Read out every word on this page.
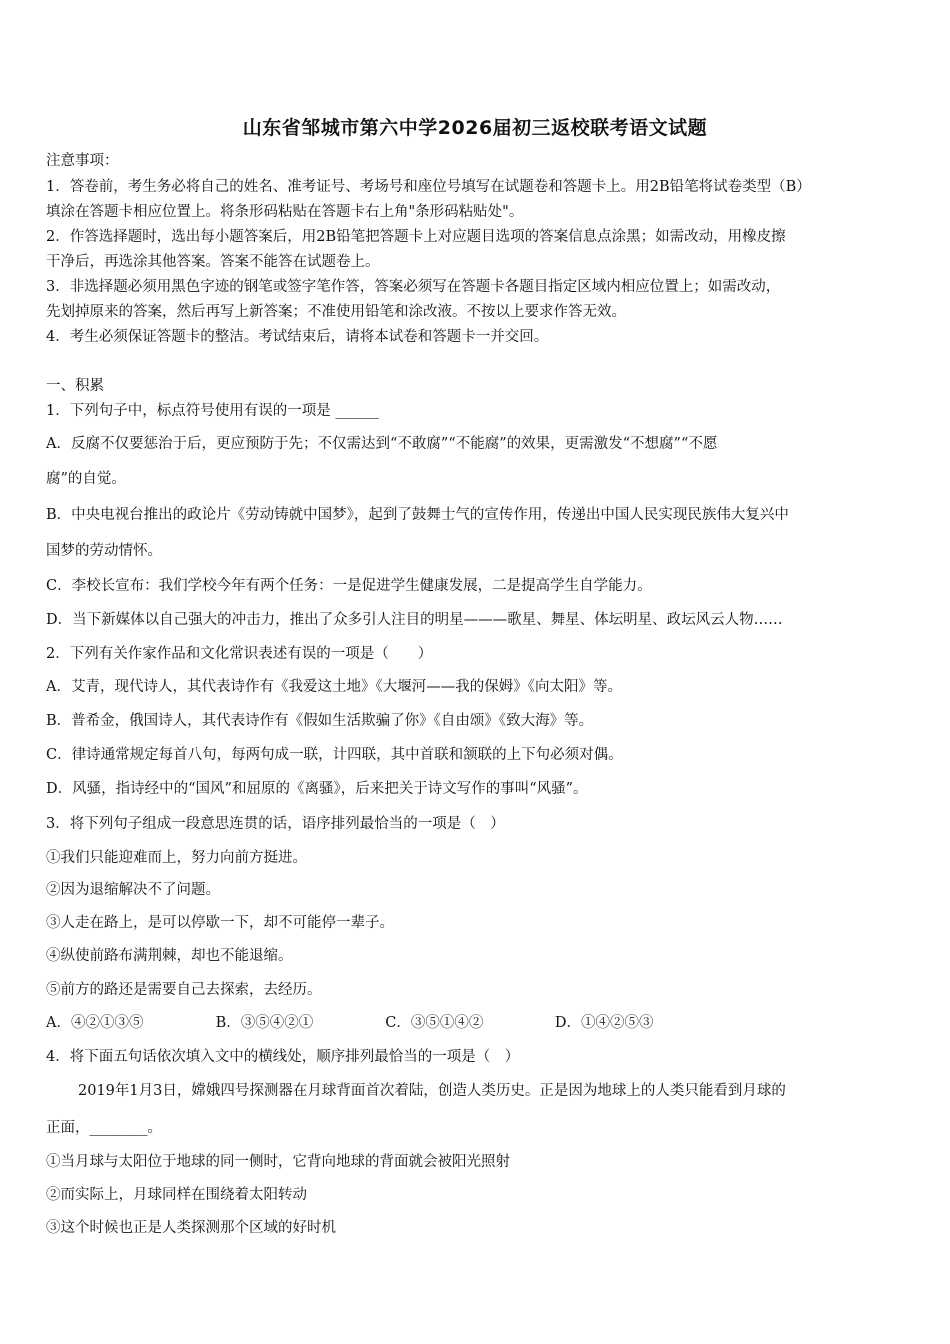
山东省邹城市第六中学2026届初三返校联考语文试题
注意事项：
1．答卷前，考生务必将自己的姓名、准考证号、考场号和座位号填写在试题卷和答题卡上。用2B铅笔将试卷类型（B）
填涂在答题卡相应位置上。将条形码粘贴在答题卡右上角"条形码粘贴处"。
2．作答选择题时，选出每小题答案后，用2B铅笔把答题卡上对应题目选项的答案信息点涂黑；如需改动，用橡皮擦
干净后，再选涂其他答案。答案不能答在试题卷上。
3．非选择题必须用黑色字迹的钢笔或签字笔作答，答案必须写在答题卡各题目指定区域内相应位置上；如需改动，
先划掉原来的答案，然后再写上新答案；不准使用铅笔和涂改液。不按以上要求作答无效。
4．考生必须保证答题卡的整洁。考试结束后，请将本试卷和答题卡一并交回。
一、积累
1．下列句子中，标点符号使用有误的一项是 ______
A．反腐不仅要惩治于后，更应预防于先；不仅需达到“不敢腐”“不能腐”的效果，更需激发“不想腐”“不愿
腐”的自觉。
B．中央电视台推出的政论片《劳动铸就中国梦》，起到了鼓舞士气的宣传作用，传递出中国人民实现民族伟大复兴中
国梦的劳动情怀。
C．李校长宣布：我们学校今年有两个任务：一是促进学生健康发展，二是提高学生自学能力。
D．当下新媒体以自己强大的冲击力，推出了众多引人注目的明星———歌星、舞星、体坛明星、政坛风云人物……
2．下列有关作家作品和文化常识表述有误的一项是（　　）
A．艾青，现代诗人，其代表诗作有《我爱这土地》《大堰河——我的保姆》《向太阳》等。
B．普希金，俄国诗人，其代表诗作有《假如生活欺骗了你》《自由颂》《致大海》等。
C．律诗通常规定每首八句，每两句成一联，计四联，其中首联和颔联的上下句必须对偶。
D．风骚，指诗经中的“国风”和屈原的《离骚》，后来把关于诗文写作的事叫“风骚”。
3．将下列句子组成一段意思连贯的话，语序排列最恰当的一项是（　）
①我们只能迎难而上，努力向前方挺进。
②因为退缩解决不了问题。
③人走在路上，是可以停歇一下，却不可能停一辈子。
④纵使前路布满荆棘，却也不能退缩。
⑤前方的路还是需要自己去探索，去经历。
A．④②①③⑤	B．③⑤④②①	C．③⑤①④②	D．①④②⑤③
4．将下面五句话依次填入文中的横线处，顺序排列最恰当的一项是（　）
2019年1月3日，嫦娥四号探测器在月球背面首次着陆，创造人类历史。正是因为地球上的人类只能看到月球的
正面，________。
①当月球与太阳位于地球的同一侧时，它背向地球的背面就会被阳光照射
②而实际上，月球同样在围绕着太阳转动
③这个时候也正是人类探测那个区域的好时机
